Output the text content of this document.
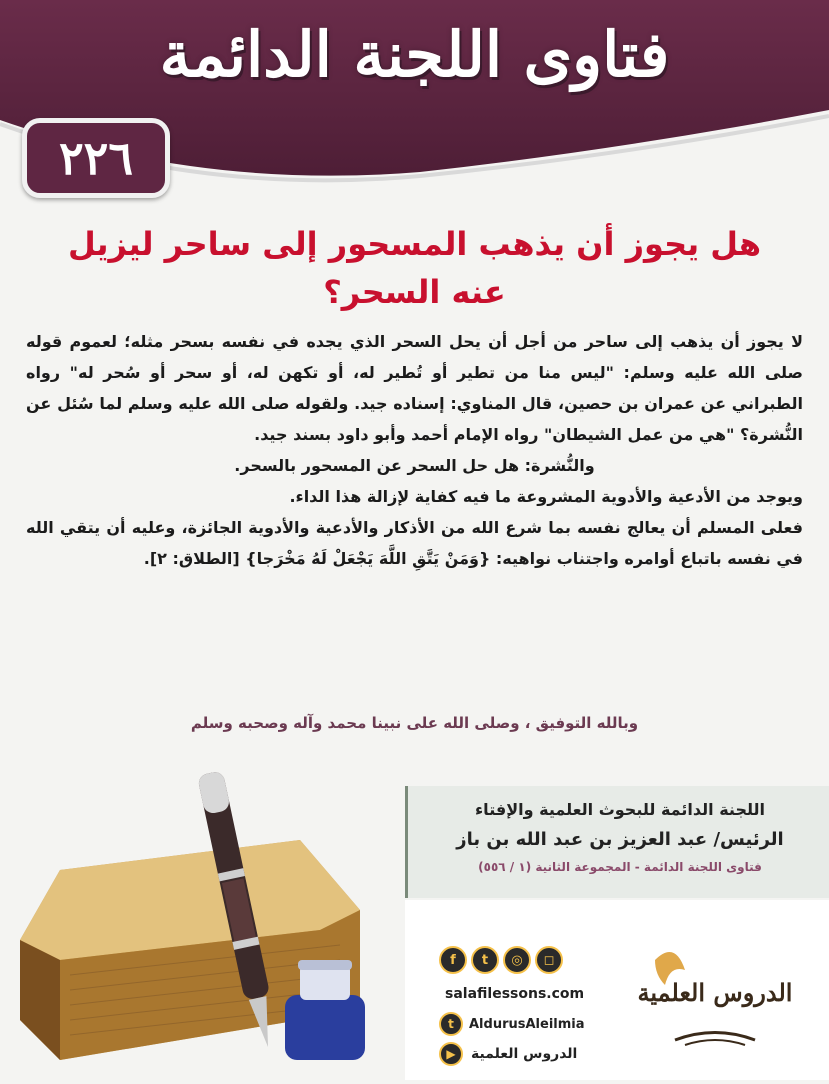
فتاوى اللجنة الدائمة
٢٢٦
هل يجوز أن يذهب المسحور إلى ساحر ليزيل
عنه السحر؟

لا يجوز أن يذهب إلى ساحر من أجل أن يحل السحر الذي يجده في نفسه بسحر مثله؛ لعموم قوله صلى الله عليه وسلم: "ليس منا من تطير أو تُطير له، أو تكهن له، أو سحر أو سُحر له" رواه الطبراني عن عمران بن حصين، قال المناوي: إسناده جيد. ولقوله صلى الله عليه وسلم لما سُئل عن النُّشرة؟ "هي من عمل الشيطان" رواه الإمام أحمد وأبو داود بسند جيد.

والنُّشرة: هل حل السحر عن المسحور بالسحر.

ويوجد من الأدعية والأدوية المشروعة ما فيه كفاية لإزالة هذا الداء.

فعلى المسلم أن يعالج نفسه بما شرع الله من الأذكار والأدعية والأدوية الجائزة، وعليه أن يتقي الله في نفسه باتباع أوامره واجتناب نواهيه: {وَمَنْ يَتَّقِ اللَّهَ يَجْعَلْ لَهُ مَخْرَجا} [الطلاق: ٢].

وبالله التوفيق ، وصلى الله على نبينا محمد وآله وصحبه وسلم
اللجنة الدائمة للبحوث العلمية والإفتاء
الرئيس/ عبد العزيز بن عبد الله بن باز
فتاوى اللجنة الدائمة - المجموعة الثانية (١ / ٥٥٦)
f	t	◎	◻
salafilessons.com
t	AldurusAleilmia
الدروس العلمية
▶
الدروس العلمية
